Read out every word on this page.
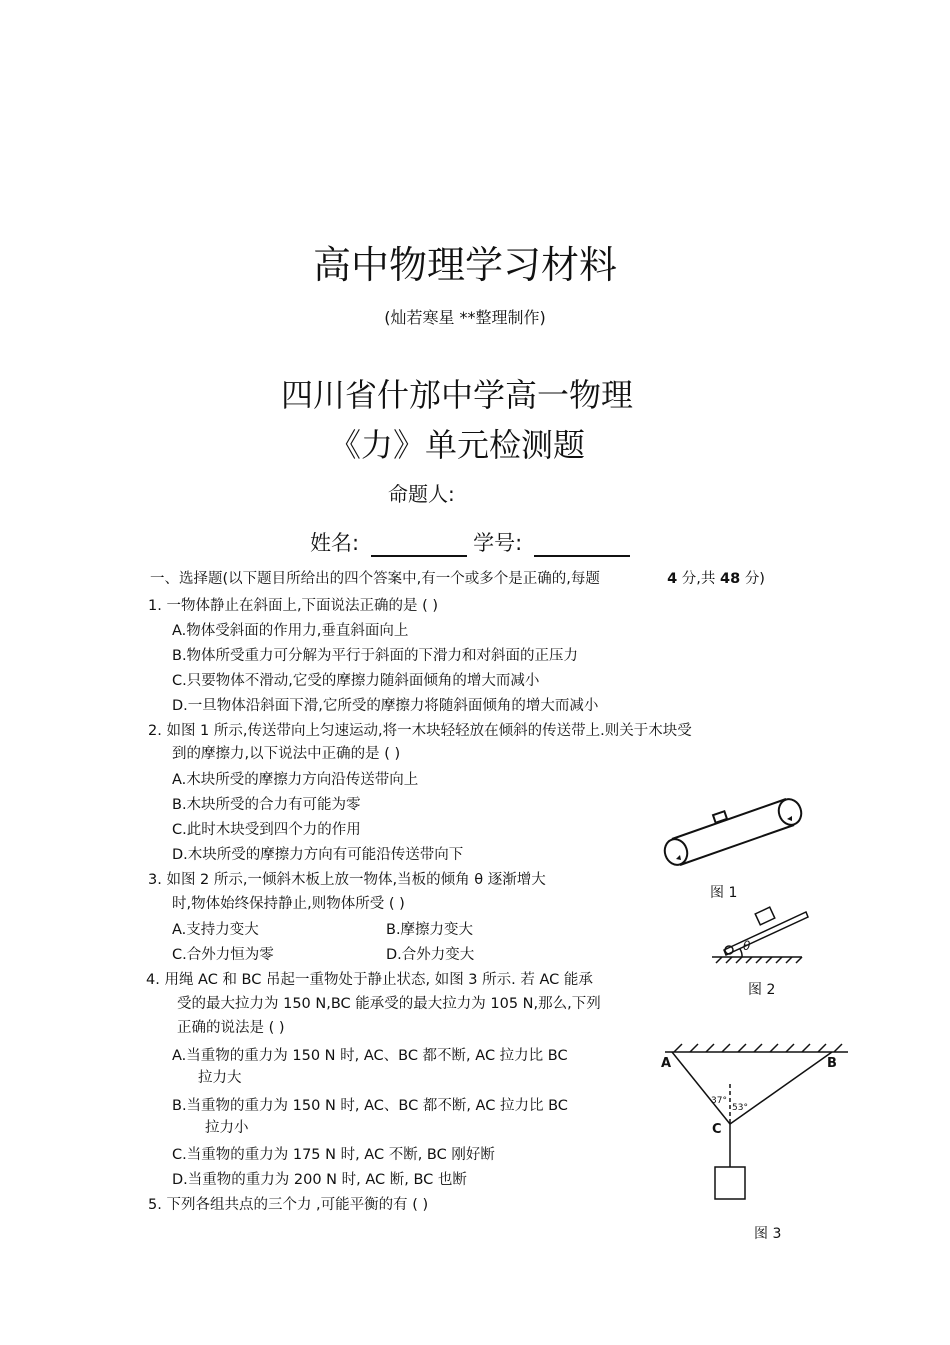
高中物理学习材料
(灿若寒星 **整理制作)
四川省什邡中学高一物理
《力》单元检测题
命题人:
姓名:	学号:
一、选择题(以下题目所给出的四个答案中,有一个或多个是正确的,每题	4 分,共 48 分)
1. 一物体静止在斜面上,下面说法正确的是 ( )
A.物体受斜面的作用力,垂直斜面向上
B.物体所受重力可分解为平行于斜面的下滑力和对斜面的正压力
C.只要物体不滑动,它受的摩擦力随斜面倾角的增大而减小
D.一旦物体沿斜面下滑,它所受的摩擦力将随斜面倾角的增大而减小
2. 如图 1 所示,传送带向上匀速运动,将一木块轻轻放在倾斜的传送带上.则关于木块受
到的摩擦力,以下说法中正确的是 ( )
A.木块所受的摩擦力方向沿传送带向上
B.木块所受的合力有可能为零
C.此时木块受到四个力的作用
D.木块所受的摩擦力方向有可能沿传送带向下
3. 如图 2 所示,一倾斜木板上放一物体,当板的倾角 θ 逐渐增大
时,物体始终保持静止,则物体所受 ( )
A.支持力变大	B.摩擦力变大
C.合外力恒为零	D.合外力变大
4. 用绳 AC 和 BC 吊起一重物处于静止状态, 如图 3 所示. 若 AC 能承
受的最大拉力为 150 N,BC 能承受的最大拉力为 105 N,那么,下列
正确的说法是 ( )
A.当重物的重力为 150 N 时, AC、BC 都不断, AC 拉力比 BC
拉力大
B.当重物的重力为 150 N 时, AC、BC 都不断, AC 拉力比 BC
拉力小
C.当重物的重力为 175 N 时, AC 不断, BC 刚好断
D.当重物的重力为 200 N 时, AC 断, BC 也断
5. 下列各组共点的三个力 ,可能平衡的有 ( )
图 1
θ
图 2
A	B
C
37°
53°
图 3
